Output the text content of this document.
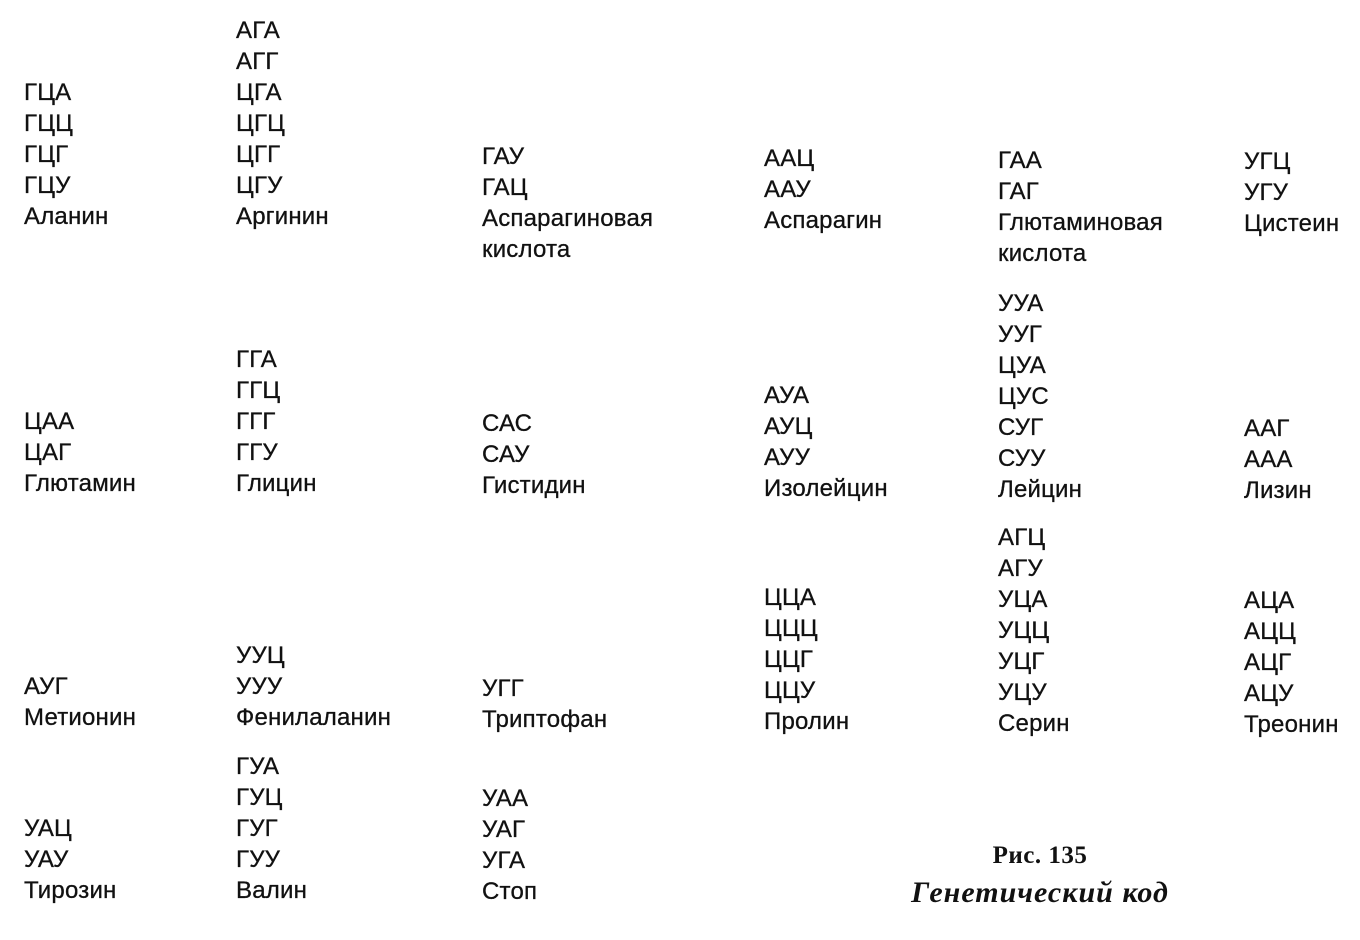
ГЦА
ГЦЦ
ГЦГ
ГЦУ
Аланин
АГА
АГГ
ЦГА
ЦГЦ
ЦГГ
ЦГУ
Аргинин
ГАУ
ГАЦ
Аспарагиновая
кислота
ААЦ
ААУ
Аспарагин
ГАА
ГАГ
Глютаминовая
кислота
УГЦ
УГУ
Цистеин
ЦАА
ЦАГ
Глютамин
ГГА
ГГЦ
ГГГ
ГГУ
Глицин
САС
САУ
Гистидин
АУА
АУЦ
АУУ
Изолейцин
УУА
УУГ
ЦУА
ЦУС
СУГ
СУУ
Лейцин
ААГ
ААА
Лизин
АУГ
Метионин
УУЦ
УУУ
Фенилаланин
УГГ
Триптофан
ЦЦА
ЦЦЦ
ЦЦГ
ЦЦУ
Пролин
АГЦ
АГУ
УЦА
УЦЦ
УЦГ
УЦУ
Серин
АЦА
АЦЦ
АЦГ
АЦУ
Треонин
УАЦ
УАУ
Тирозин
ГУА
ГУЦ
ГУГ
ГУУ
Валин
УАА
УАГ
УГА
Стоп
Рис. 135
Генетический код
